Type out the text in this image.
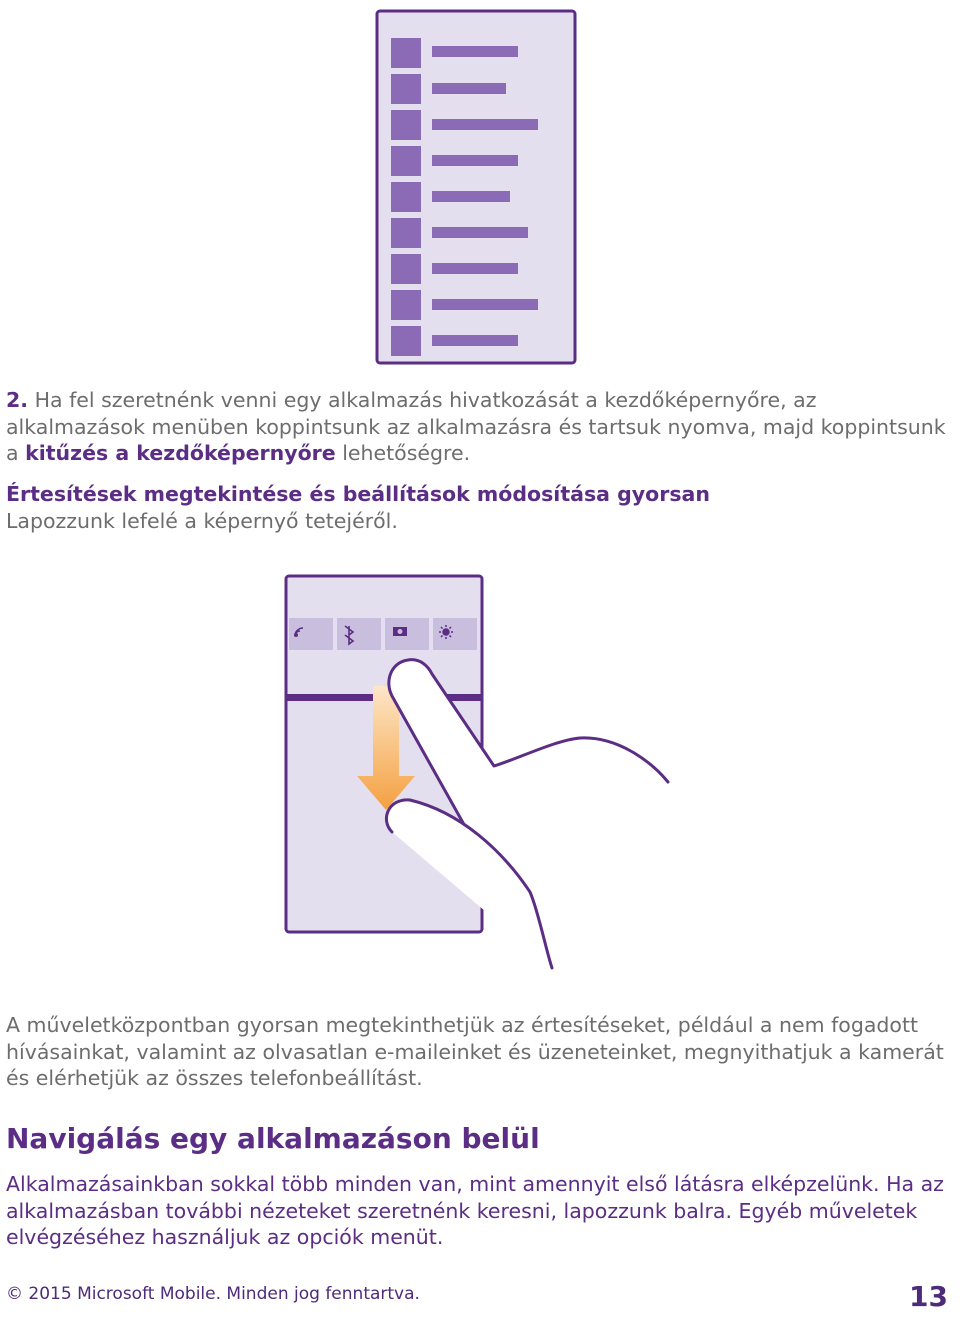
2. Ha fel szeretnénk venni egy alkalmazás hivatkozását a kezdőképernyőre, az alkalmazások menüben koppintsunk az alkalmazásra és tartsuk nyomva, majd koppintsunk a kitűzés a kezdőképernyőre lehetőségre.

Értesítések megtekintése és beállítások módosítása gyorsan

Lapozzunk lefelé a képernyő tetejéről.

A műveletközpontban gyorsan megtekinthetjük az értesítéseket, például a nem fogadott hívásainkat, valamint az olvasatlan e-maileinket és üzeneteinket, megnyithatjuk a kamerát és elérhetjük az összes telefonbeállítást.

Navigálás egy alkalmazáson belül

Alkalmazásainkban sokkal több minden van, mint amennyit első látásra elképzelünk. Ha az alkalmazásban további nézeteket szeretnénk keresni, lapozzunk balra. Egyéb műveletek elvégzéséhez használjuk az opciók menüt.

© 2015 Microsoft Mobile. Minden jog fenntartva.	13
